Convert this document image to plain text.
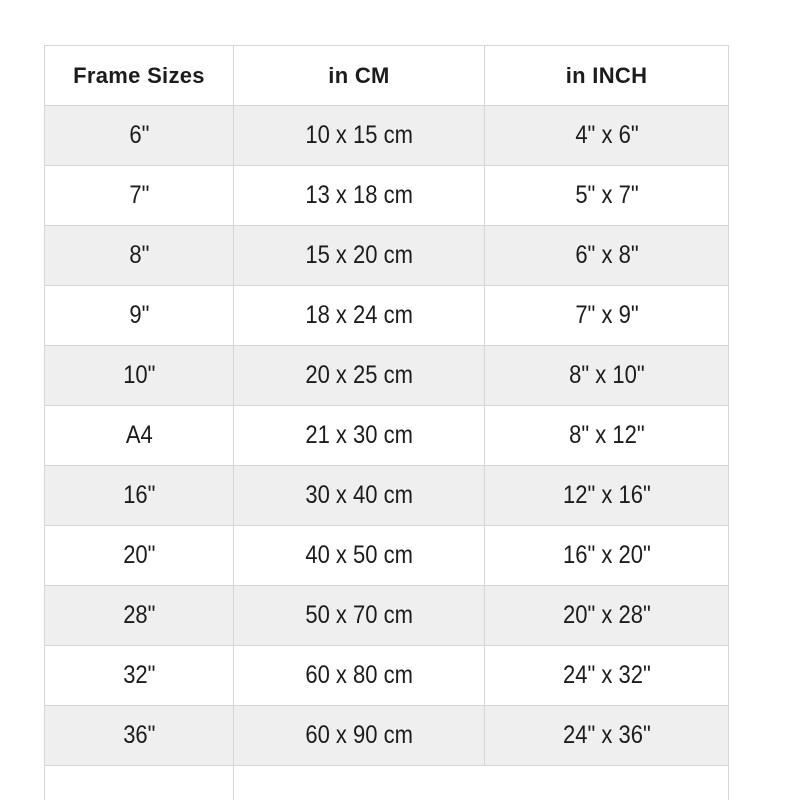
Frame Sizes	in CM	in INCH
6"	10 x 15 cm	4" x 6"
7"	13 x 18 cm	5" x 7"
8"	15 x 20 cm	6" x 8"
9"	18 x 24 cm	7" x 9"
10"	20 x 25 cm	8" x 10"
A4	21 x 30 cm	8" x 12"
16"	30 x 40 cm	12" x 16"
20"	40 x 50 cm	16" x 20"
28"	50 x 70 cm	20" x 28"
32"	60 x 80 cm	24" x 32"
36"	60 x 90 cm	24" x 36"
